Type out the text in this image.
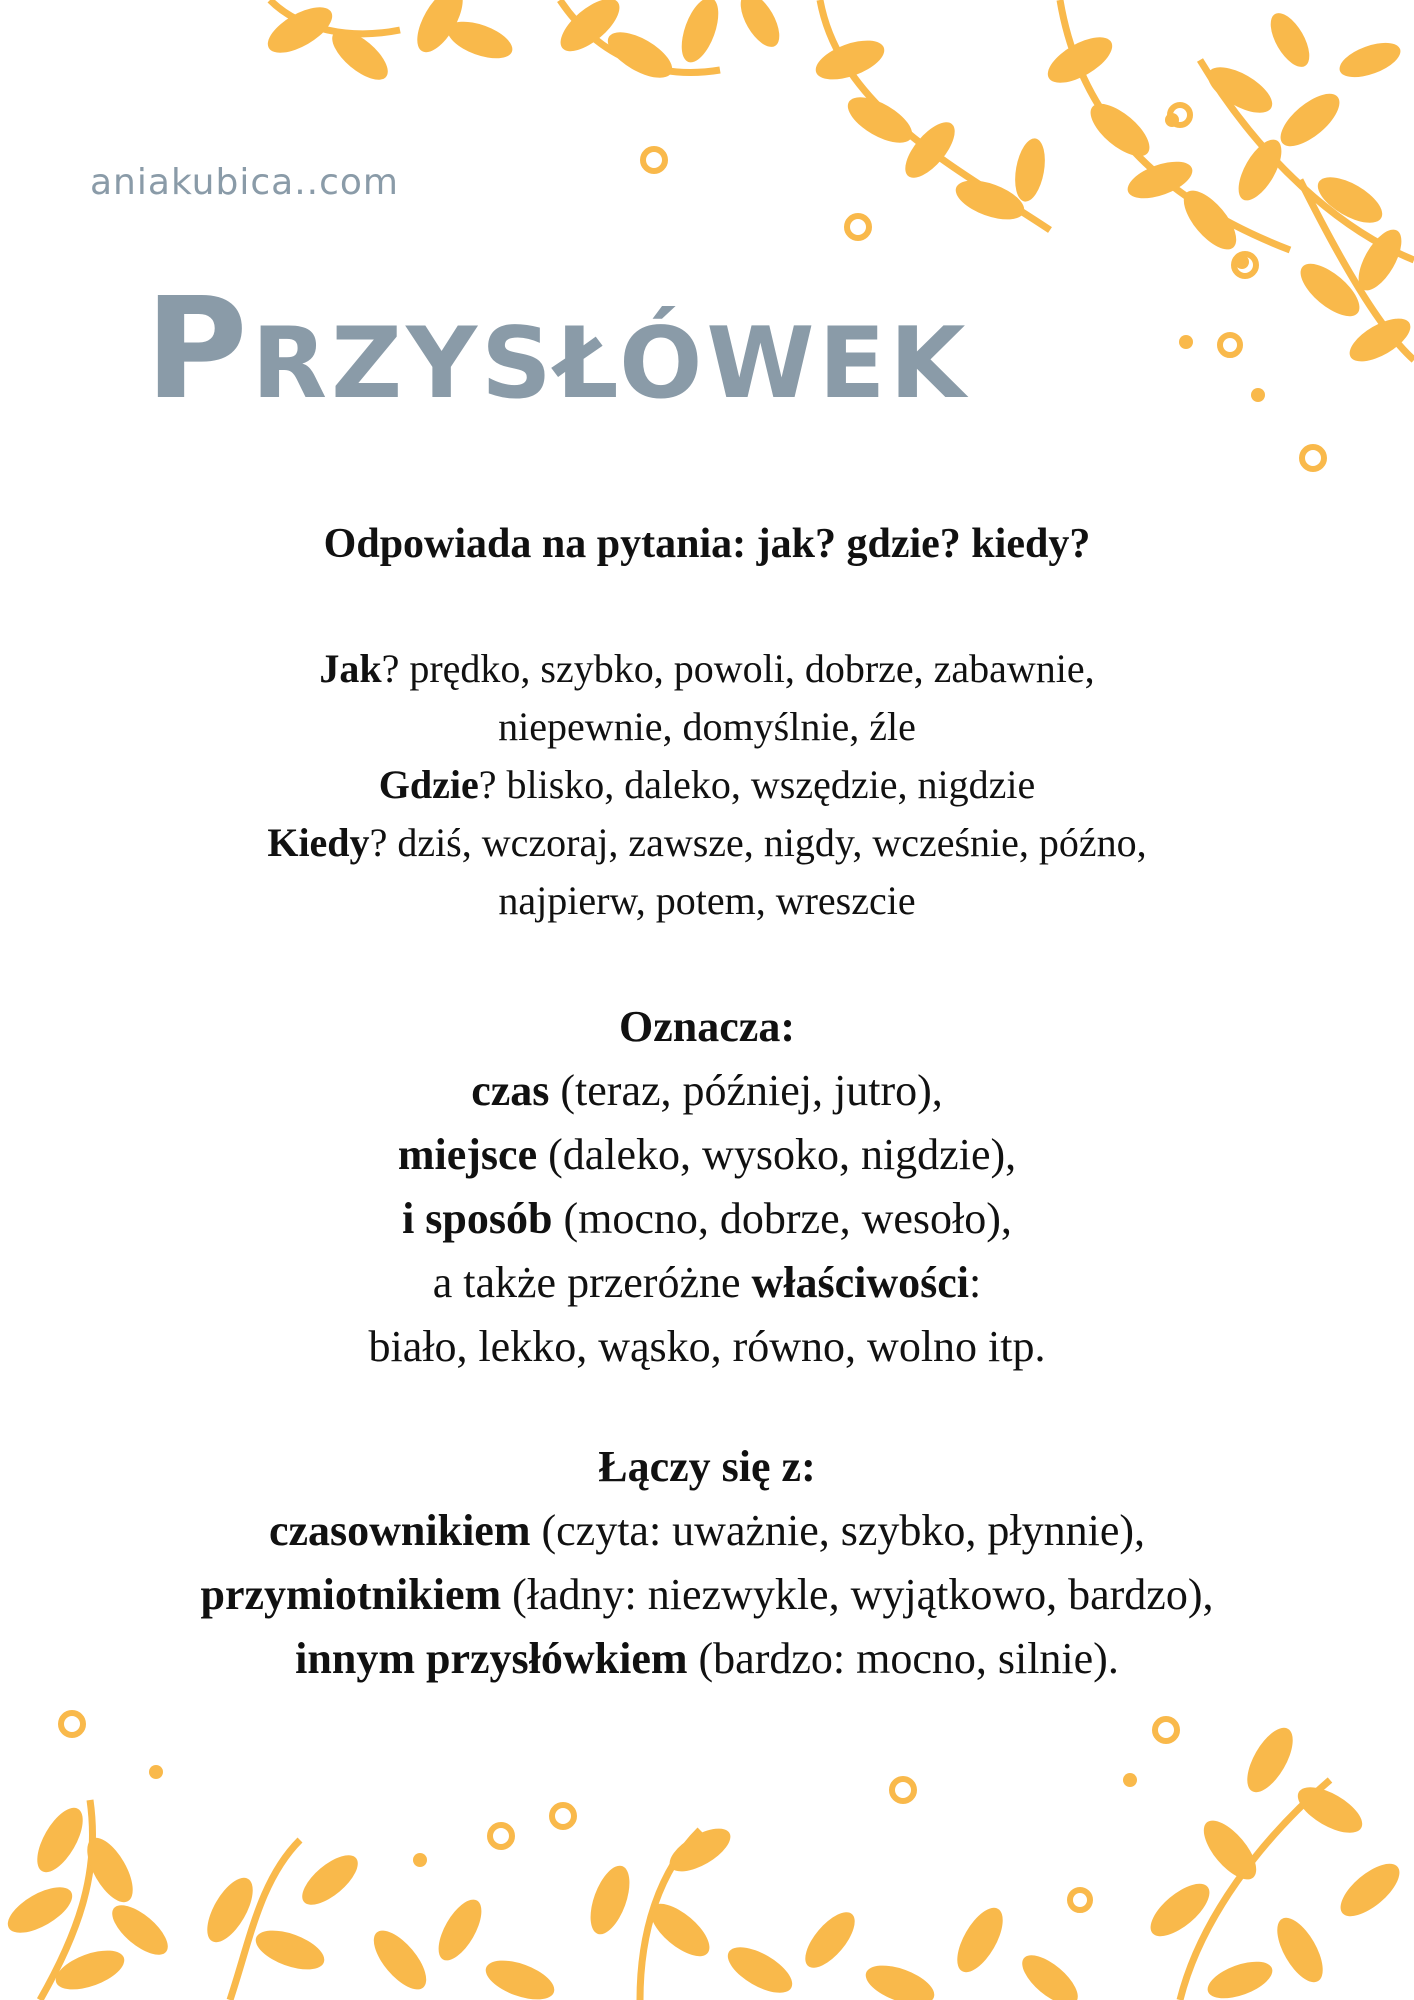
aniakubica..com
Przysłówek
Odpowiada na pytania: jak? gdzie? kiedy?
Jak? prędko, szybko, powoli, dobrze, zabawnie,
niepewnie, domyślnie, źle
Gdzie? blisko, daleko, wszędzie, nigdzie
Kiedy? dziś, wczoraj, zawsze, nigdy, wcześnie, późno,
najpierw, potem, wreszcie
Oznacza:
czas (teraz, później, jutro),
miejsce (daleko, wysoko, nigdzie),
i sposób (mocno, dobrze, wesoło),
a także przeróżne właściwości:
biało, lekko, wąsko, równo, wolno itp.
Łączy się z:
czasownikiem (czyta: uważnie, szybko, płynnie),
przymiotnikiem (ładny: niezwykle, wyjątkowo, bardzo),
innym przysłówkiem (bardzo: mocno, silnie).
